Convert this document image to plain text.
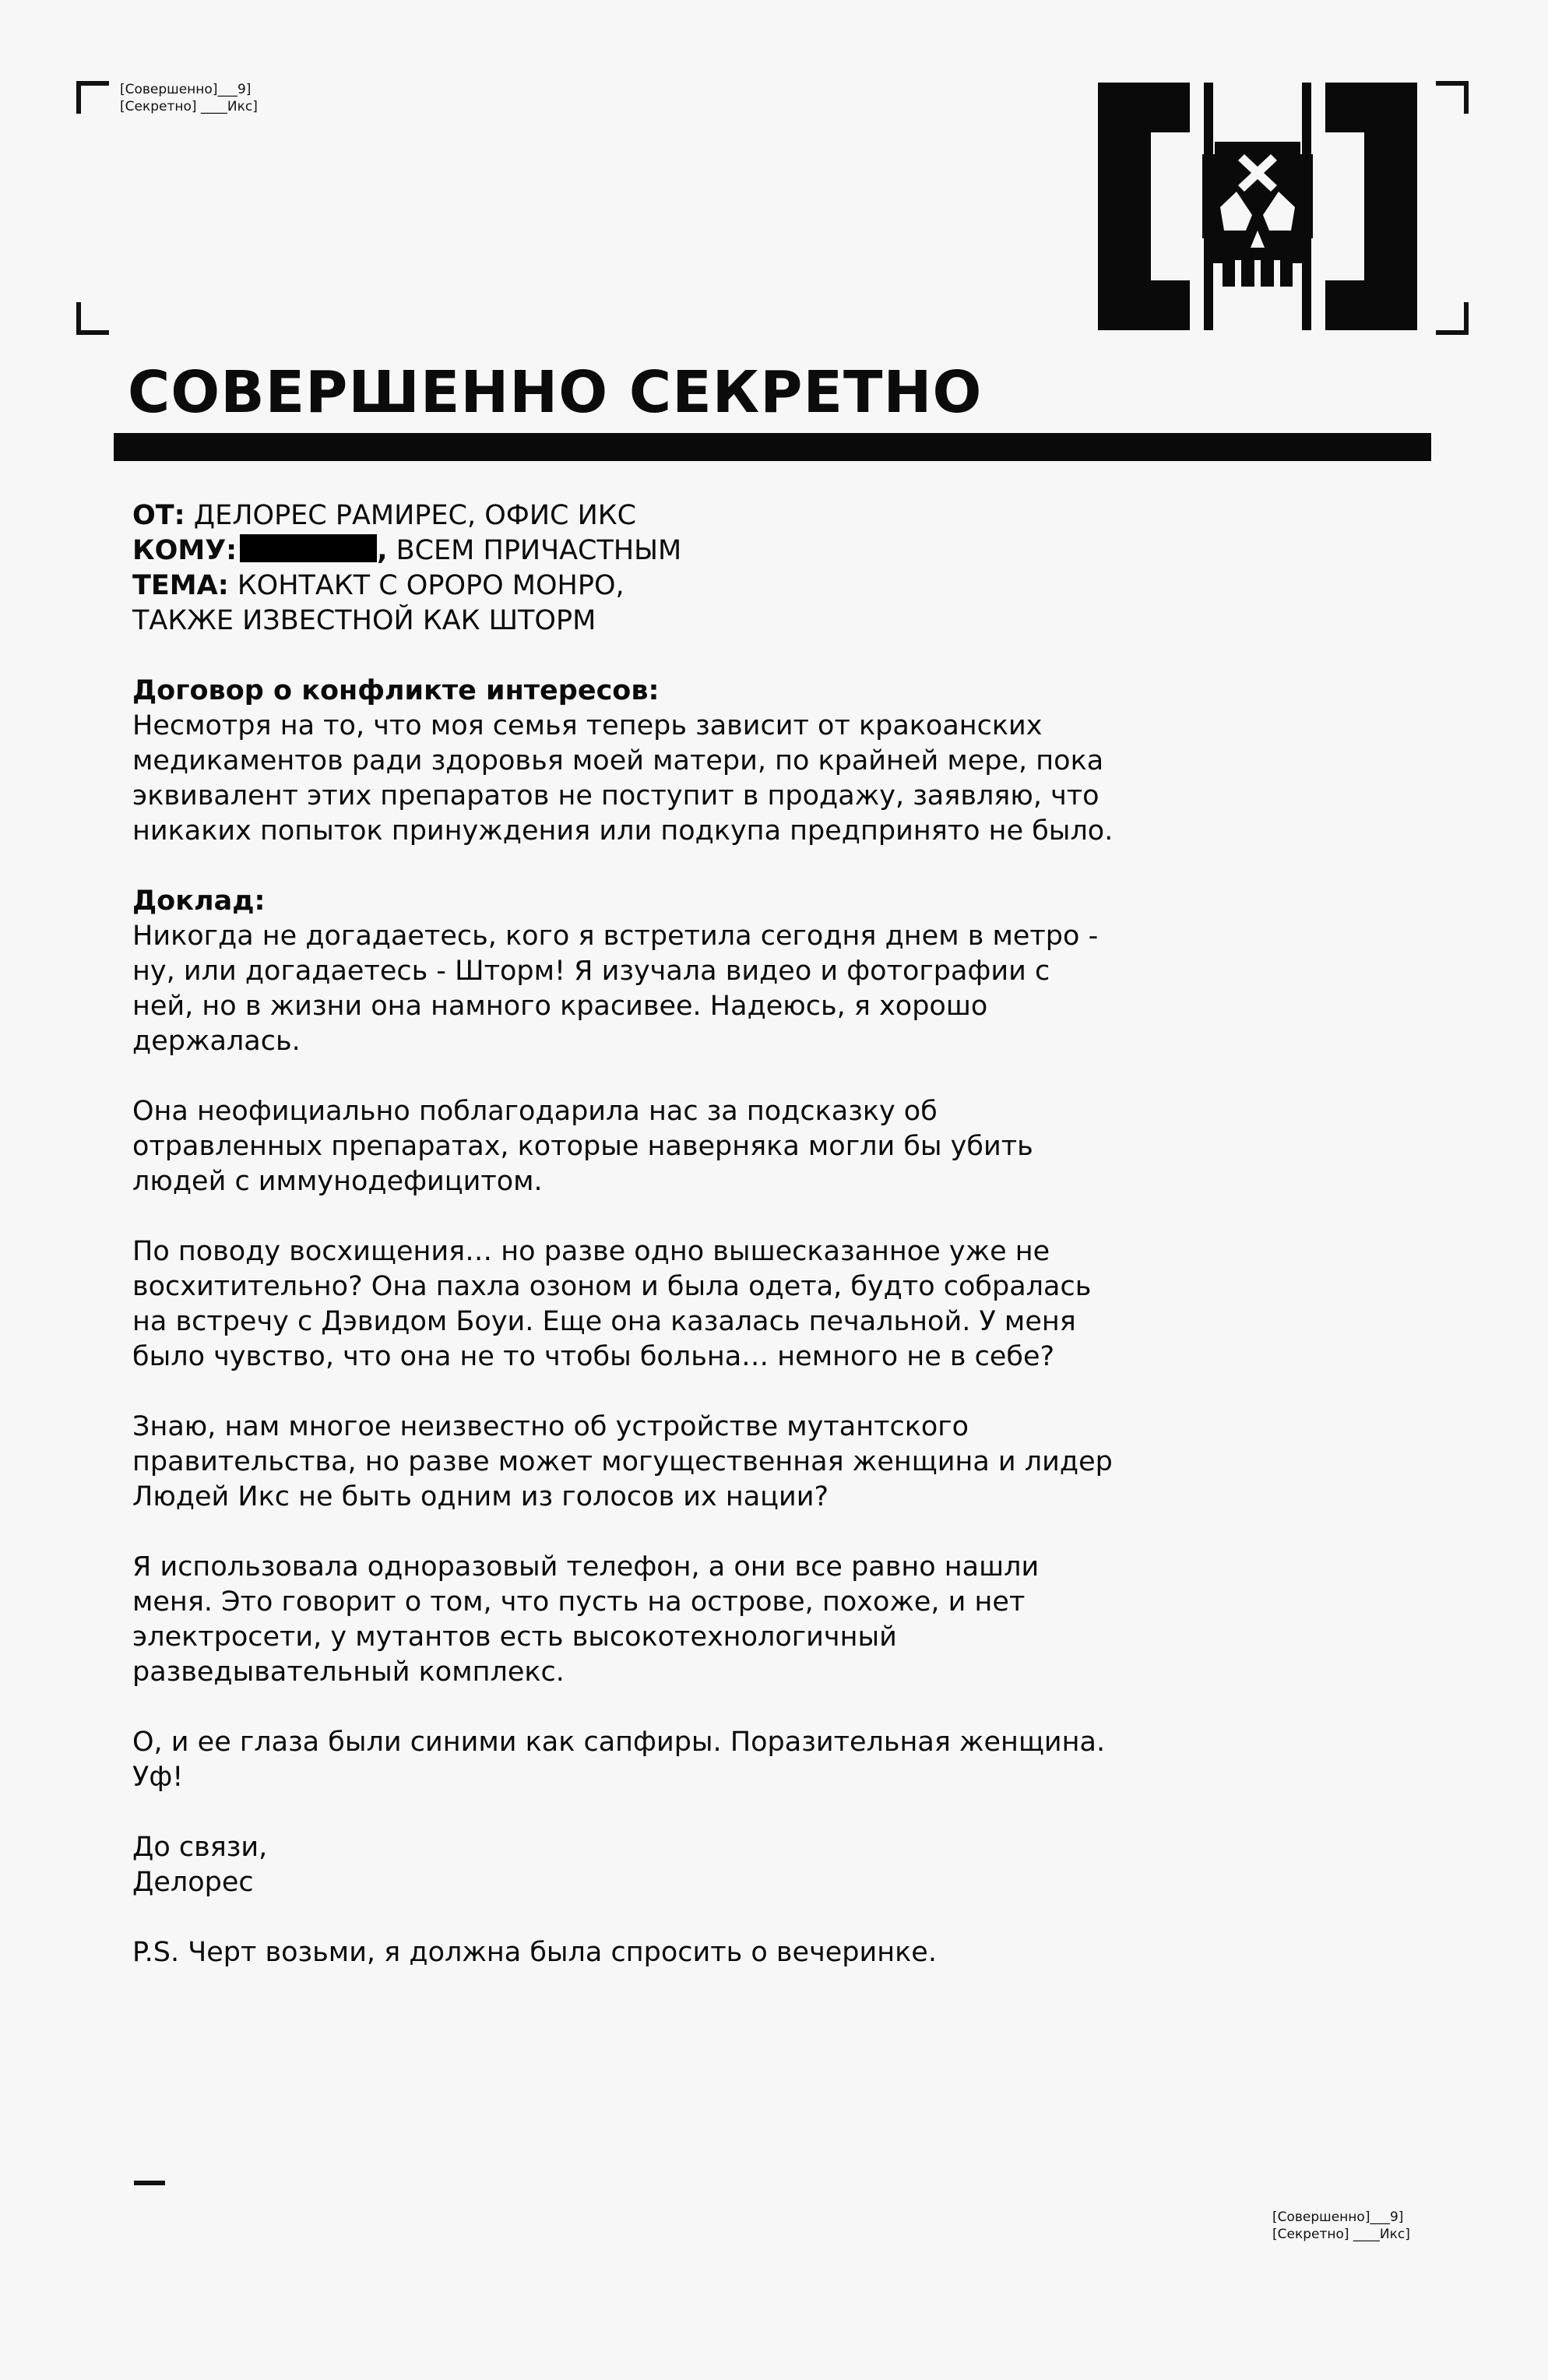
[Совершенно]___9]
[Секретно] ____Икс]
СОВЕРШЕННО СЕКРЕТНО

ОТ: ДЕЛОРЕС РАМИРЕС, ОФИС ИКС

КОМУ:	, ВСЕМ ПРИЧАСТНЫМ

ТЕМА: КОНТАКТ С ОРОРО МОНРО,

ТАКЖЕ ИЗВЕСТНОЙ КАК ШТОРМ

Договор о конфликте интересов:

Несмотря на то, что моя семья теперь зависит от кракоанских медикаментов ради здоровья моей матери, по крайней мере, пока эквивалент этих препаратов не поступит в продажу, заявляю, что никаких попыток принуждения или подкупа предпринято не было.

Доклад:

Никогда не догадаетесь, кого я встретила сегодня днем в метро - ну, или догадаетесь - Шторм! Я изучала видео и фотографии с ней, но в жизни она намного красивее. Надеюсь, я хорошо держалась.

Она неофициально поблагодарила нас за подсказку об отравленных препаратах, которые наверняка могли бы убить людей с иммунодефицитом.

По поводу восхищения… но разве одно вышесказанное уже не восхитительно? Она пахла озоном и была одета, будто собралась на встречу с Дэвидом Боуи. Еще она казалась печальной. У меня было чувство, что она не то чтобы больна… немного не в себе?

Знаю, нам многое неизвестно об устройстве мутантского правительства, но разве может могущественная женщина и лидер Людей Икс не быть одним из голосов их нации?

Я использовала одноразовый телефон, а они все равно нашли меня. Это говорит о том, что пусть на острове, похоже, и нет электросети, у мутантов есть высокотехнологичный разведывательный комплекс.

О, и ее глаза были синими как сапфиры. Поразительная женщина. Уф!

До связи,

Делорес

P.S. Черт возьми, я должна была спросить о вечеринке.

[Совершенно]___9]
[Секретно] ____Икс]
